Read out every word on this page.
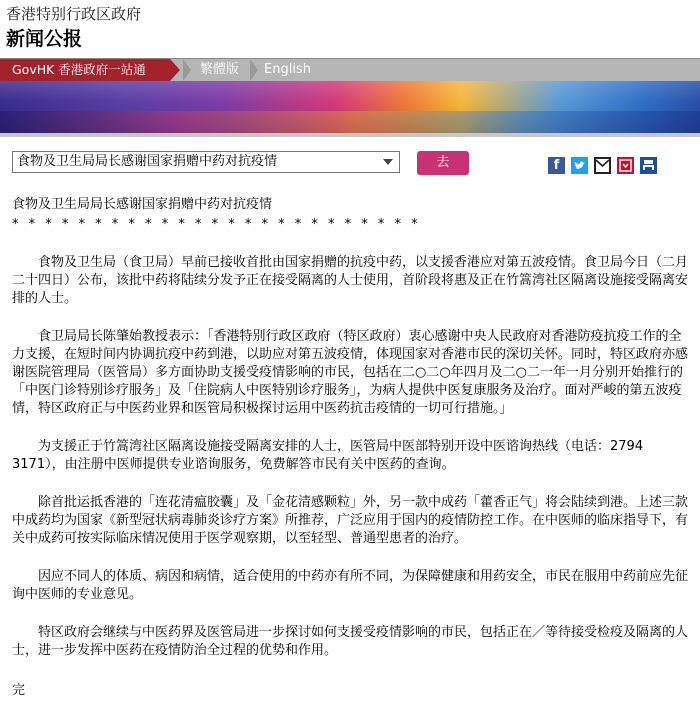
香港特别行政区政府
新闻公报
GovHK 香港政府一站通	繁體版 English
食物及卫生局局长感谢国家捐赠中药对抗疫情	去	f
食物及卫生局局长感谢国家捐赠中药对抗疫情
* * * * * * * * * * * * * * * * * * * * * * * * *
食物及卫生局（食卫局）早前已接收首批由国家捐赠的抗疫中药，以支援香港应对第五波疫情。食卫局今日（二月二十四日）公布，该批中药将陆续分发予正在接受隔离的人士使用，首阶段将惠及正在竹篙湾社区隔离设施接受隔离安排的人士。
食卫局局长陈肇始教授表示：「香港特别行政区政府（特区政府）衷心感谢中央人民政府对香港防疫抗疫工作的全力支援，在短时间内协调抗疫中药到港，以助应对第五波疫情，体现国家对香港市民的深切关怀。同时，特区政府亦感谢医院管理局（医管局）多方面协助支援受疫情影响的市民，包括在二○二○年四月及二○二一年一月分别开始推行的「中医门诊特别诊疗服务」及「住院病人中医特别诊疗服务」，为病人提供中医复康服务及治疗。面对严峻的第五波疫情，特区政府正与中医药业界和医管局积极探讨运用中医药抗击疫情的一切可行措施。」
为支援正于竹篙湾社区隔离设施接受隔离安排的人士，医管局中医部特别开设中医谘询热线（电话：2794 3171），由注册中医师提供专业谘询服务，免费解答市民有关中医药的查询。
除首批运抵香港的「连花清瘟胶囊」及「金花清感颗粒」外，另一款中成药「藿香正气」将会陆续到港。上述三款中成药均为国家《新型冠状病毒肺炎诊疗方案》所推荐，广泛应用于国内的疫情防控工作。在中医师的临床指导下，有关中成药可按实际临床情况使用于医学观察期，以至轻型、普通型患者的治疗。
因应不同人的体质、病因和病情，适合使用的中药亦有所不同，为保障健康和用药安全，市民在服用中药前应先征询中医师的专业意见。
特区政府会继续与中医药界及医管局进一步探讨如何支援受疫情影响的市民，包括正在／等待接受检疫及隔离的人士，进一步发挥中医药在疫情防治全过程的优势和作用。
完
